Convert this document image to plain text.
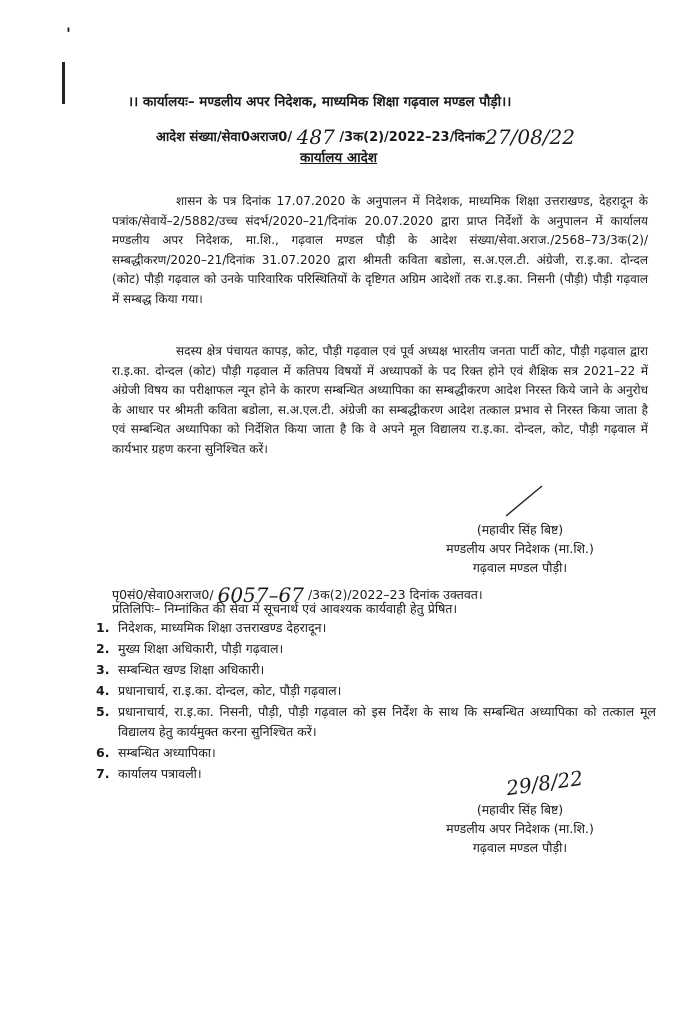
'
।। कार्यालयः– मण्डलीय अपर निदेशक, माध्यमिक शिक्षा गढ़वाल मण्डल पौड़ी।।
आदेश संख्या/सेवा0अराज0/ 487 /3क(2)/2022–23/दिनांक27/08/22
कार्यालय आदेश

शासन के पत्र दिनांक 17.07.2020 के अनुपालन में निदेशक, माध्यमिक शिक्षा उत्तराखण्ड, देहरादून के पत्रांक/सेवायें–2/5882/उच्च संदर्भ/2020–21/दिनांक 20.07.2020 द्वारा प्राप्त निर्देशों के अनुपालन में कार्यालय मण्डलीय अपर निदेशक, मा.शि., गढ़वाल मण्डल पौड़ी के आदेश संख्या/सेवा.अराज./2568–73/3क(2)/सम्बद्धीकरण/2020–21/दिनांक 31.07.2020 द्वारा श्रीमती कविता बडोला, स.अ.एल.टी. अंग्रेजी, रा.इ.का. दोन्दल (कोट) पौड़ी गढ़वाल को उनके पारिवारिक परिस्थितियों के दृष्टिगत अग्रिम आदेशों तक रा.इ.का. निसनी (पौड़ी) पौड़ी गढ़वाल में सम्बद्ध किया गया।

सदस्य क्षेत्र पंचायत कापड़, कोट, पौड़ी गढ़वाल एवं पूर्व अध्यक्ष भारतीय जनता पार्टी कोट, पौड़ी गढ़वाल द्वारा रा.इ.का. दोन्दल (कोट) पौड़ी गढ़वाल में कतिपय विषयों में अध्यापकों के पद रिक्त होने एवं शैक्षिक सत्र 2021–22 में अंग्रेजी विषय का परीक्षाफल न्यून होने के कारण सम्बन्धित अध्यापिका का सम्बद्धीकरण आदेश निरस्त किये जाने के अनुरोध के आधार पर श्रीमती कविता बडोला, स.अ.एल.टी. अंग्रेजी का सम्बद्धीकरण आदेश तत्काल प्रभाव से निरस्त किया जाता है एवं सम्बन्धित अध्यापिका को निर्देशित किया जाता है कि वे अपने मूल विद्यालय रा.इ.का. दोन्दल, कोट, पौड़ी गढ़वाल में कार्यभार ग्रहण करना सुनिश्चित करें।

(महावीर सिंह बिष्ट)
मण्डलीय अपर निदेशक (मा.शि.)
गढ़वाल मण्डल पौड़ी।
पृ0सं0/सेवा0अराज0/ 6057–67 /3क(2)/2022–23 दिनांक उक्तवत।
प्रतिलिपिः– निम्नांकित की सेवा में सूचनार्थ एवं आवश्यक कार्यवाही हेतु प्रेषित।
1. निदेशक, माध्यमिक शिक्षा उत्तराखण्ड देहरादून।
2. मुख्य शिक्षा अधिकारी, पौड़ी गढ़वाल।
3. सम्बन्धित खण्ड शिक्षा अधिकारी।
4. प्रधानाचार्य, रा.इ.का. दोन्दल, कोट, पौड़ी गढ़वाल।
5. प्रधानाचार्य, रा.इ.का. निसनी, पौड़ी, पौड़ी गढ़वाल को इस निर्देश के साथ कि सम्बन्धित अध्यापिका को तत्काल मूल विद्यालय हेतु कार्यमुक्त करना सुनिश्चित करें।
6. सम्बन्धित अध्यापिका।
7. कार्यालय पत्रावली।	29/8/22
(महावीर सिंह बिष्ट)
मण्डलीय अपर निदेशक (मा.शि.)
गढ़वाल मण्डल पौड़ी।
